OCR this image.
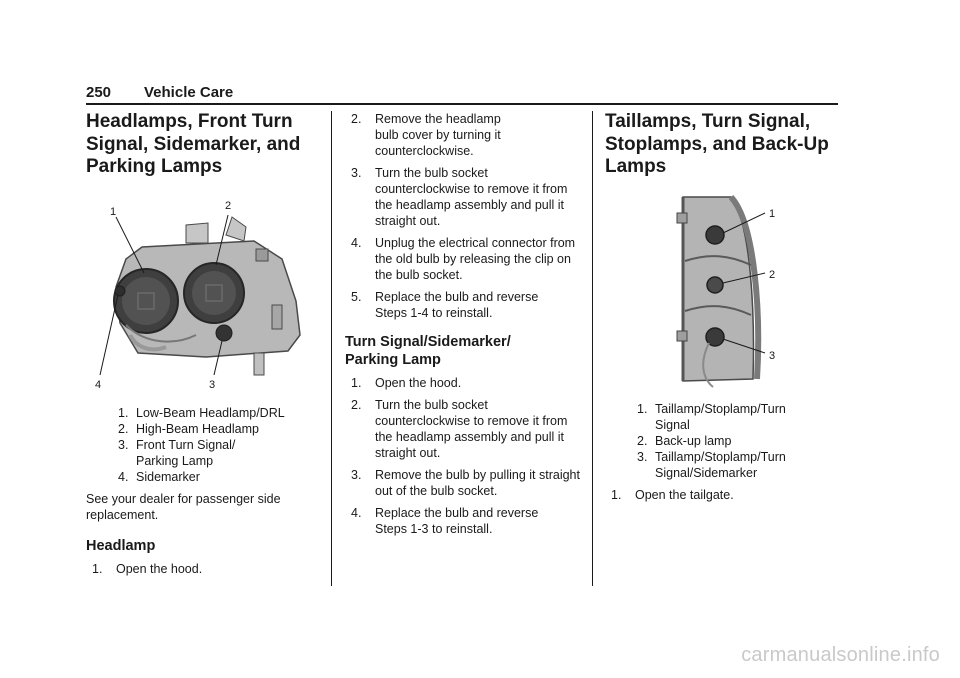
250 Vehicle Care
Headlamps, Front Turn Signal, Sidemarker, and Parking Lamps
1	2
3
4
1. Low-Beam Headlamp/DRL
2. High-Beam Headlamp
3. Front Turn Signal/ Parking Lamp
4. Sidemarker

See your dealer for passenger side replacement.

Headlamp
1. Open the hood.
2. Remove the headlamp bulb cover by turning it counterclockwise.
3. Turn the bulb socket counterclockwise to remove it from the headlamp assembly and pull it straight out.
4. Unplug the electrical connector from the old bulb by releasing the clip on the bulb socket.
5. Replace the bulb and reverse Steps 1-4 to reinstall.
Turn Signal/Sidemarker/ Parking Lamp
1. Open the hood.
2. Turn the bulb socket counterclockwise to remove it from the headlamp assembly and pull it straight out.
3. Remove the bulb by pulling it straight out of the bulb socket.
4. Replace the bulb and reverse Steps 1-3 to reinstall.
Taillamps, Turn Signal, Stoplamps, and Back-Up Lamps
1
2
3
1. Taillamp/Stoplamp/Turn Signal
2. Back-up lamp
3. Taillamp/Stoplamp/Turn Signal/Sidemarker
1. Open the tailgate.
carmanualsonline.info
